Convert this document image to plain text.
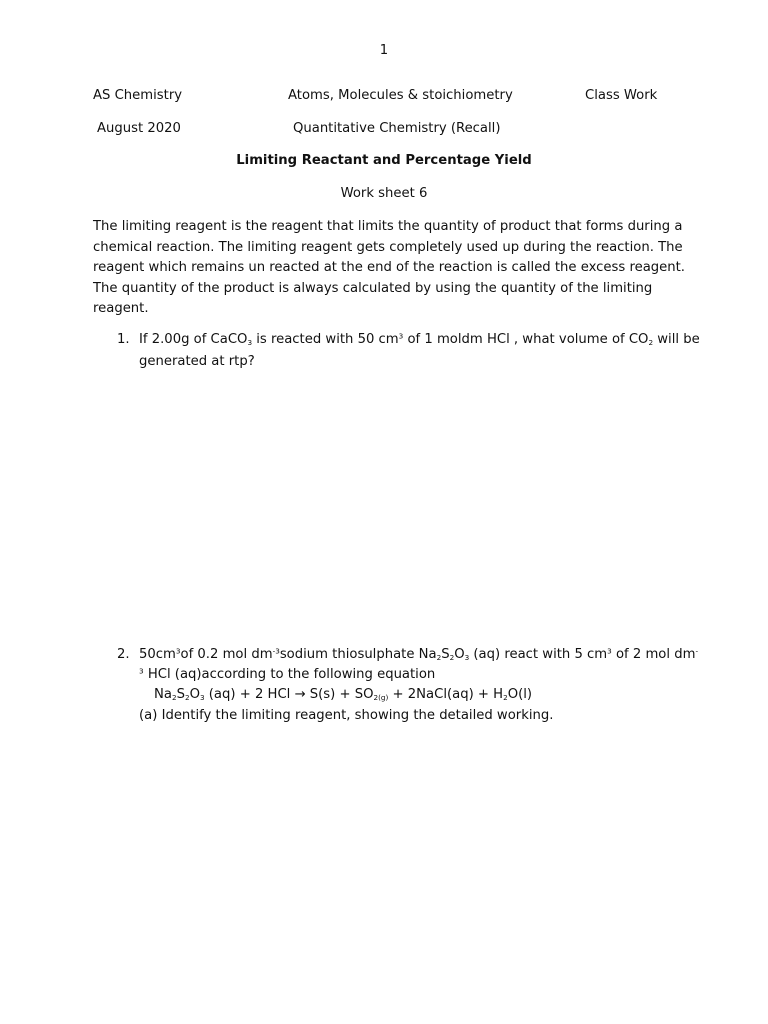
1
AS Chemistry	Atoms, Molecules & stoichiometry	Class Work
August 2020	Quantitative Chemistry (Recall)
Limiting Reactant and Percentage Yield
Work sheet 6
The limiting reagent is the reagent that limits the quantity of product that forms during a
chemical reaction. The limiting reagent gets completely used up during the reaction. The
reagent which remains un reacted at the end of the reaction is called the excess reagent.
The quantity of the product is always calculated by using the quantity of the limiting
reagent.
1. If 2.00g of CaCO$_3$ is reacted with 50 $cm^3$ of 1 moldm HCl , what volume of $CO_2$ will be
generated at rtp?
2. $50cm^3of$ 0.2 mol $dm^{-3}sodium$ thiosulphate $Na_2S_2O_3$ (aq) react with 5 $cm^3$ of 2 mol dm-
$^3$ HCl (aq)according to the following equation
$Na_2S_2O_3$ (aq) + 2 HCl → $S(s) + SO_{2(g)}$ + 2NaCl(aq) + $H_2O(l)$
(a) Identify the limiting reagent, showing the detailed working.
